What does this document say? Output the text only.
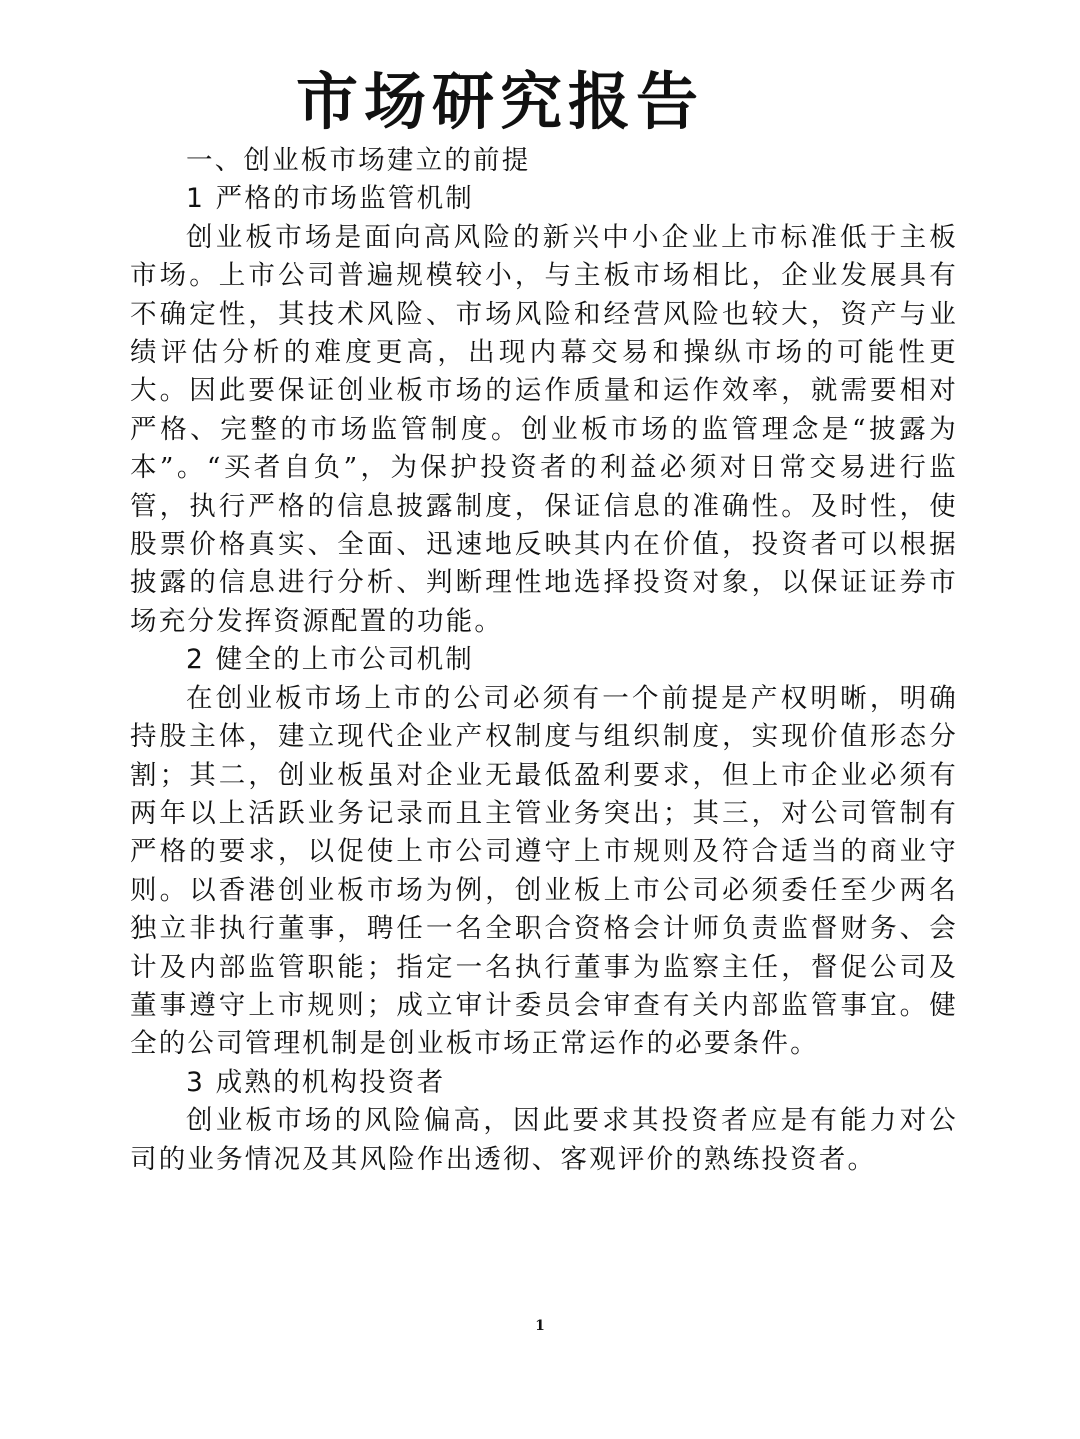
市场研究报告

一、创业板市场建立的前提

1 严格的市场监管机制

创业板市场是面向高风险的新兴中小企业上市标准低于主板市场。上市公司普遍规模较小，与主板市场相比，企业发展具有不确定性，其技术风险、市场风险和经营风险也较大，资产与业绩评估分析的难度更高，出现内幕交易和操纵市场的可能性更大。因此要保证创业板市场的运作质量和运作效率，就需要相对严格、完整的市场监管制度。创业板市场的监管理念是“披露为本”。“买者自负”，为保护投资者的利益必须对日常交易进行监管，执行严格的信息披露制度，保证信息的准确性。及时性，使股票价格真实、全面、迅速地反映其内在价值，投资者可以根据披露的信息进行分析、判断理性地选择投资对象，以保证证券市场充分发挥资源配置的功能。

2 健全的上市公司机制

在创业板市场上市的公司必须有一个前提是产权明晰，明确持股主体，建立现代企业产权制度与组织制度，实现价值形态分割；其二，创业板虽对企业无最低盈利要求，但上市企业必须有两年以上活跃业务记录而且主管业务突出；其三，对公司管制有严格的要求，以促使上市公司遵守上市规则及符合适当的商业守则。以香港创业板市场为例，创业板上市公司必须委任至少两名独立非执行董事，聘任一名全职合资格会计师负责监督财务、会计及内部监管职能；指定一名执行董事为监察主任，督促公司及董事遵守上市规则；成立审计委员会审查有关内部监管事宜。健全的公司管理机制是创业板市场正常运作的必要条件。

3 成熟的机构投资者

创业板市场的风险偏高，因此要求其投资者应是有能力对公司的业务情况及其风险作出透彻、客观评价的熟练投资者。

1
